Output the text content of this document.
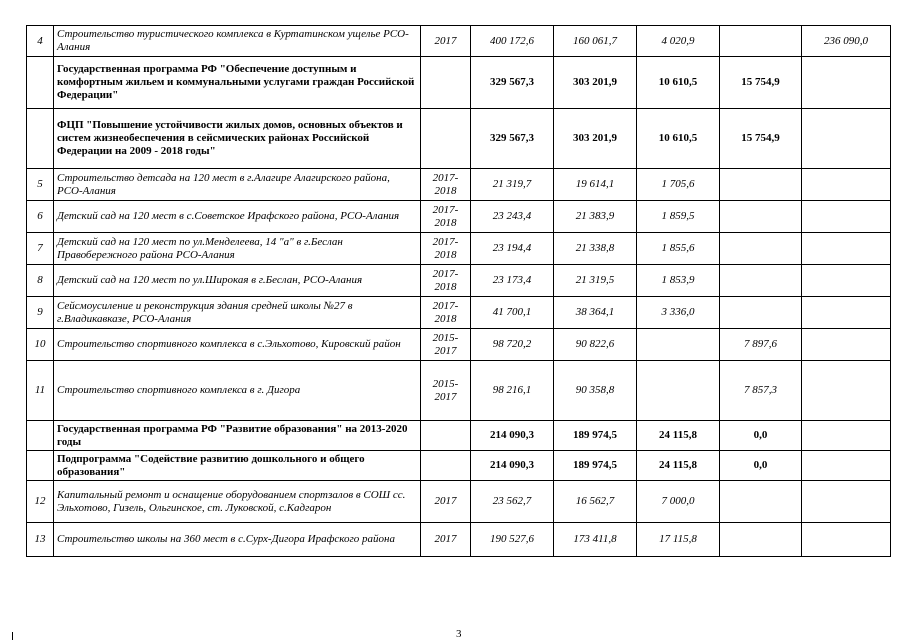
4	Строительство туристического комплекса в Куртатинском ущелье РСО-Алания	2017	400 172,6	160 061,7	4 020,9		236 090,0
	Государственная программа РФ "Обеспечение доступным и комфортным жильем и коммунальными услугами граждан Российской Федерации"		329 567,3	303 201,9	10 610,5	15 754,9	
	ФЦП "Повышение устойчивости жилых домов, основных объектов и систем жизнеобеспечения в сейсмических районах Российской Федерации на 2009 - 2018 годы"		329 567,3	303 201,9	10 610,5	15 754,9	
5	Строительство детсада на 120 мест в г.Алагире Алагирского района, РСО-Алания	2017-2018	21 319,7	19 614,1	1 705,6		
6	Детский сад на 120 мест в с.Советское Ирафского района, РСО-Алания	2017-2018	23 243,4	21 383,9	1 859,5		
7	Детский сад на 120 мест по ул.Менделеева, 14 "а" в г.Беслан Правобережного района РСО-Алания	2017-2018	23 194,4	21 338,8	1 855,6		
8	Детский сад на 120 мест по ул.Широкая в г.Беслан, РСО-Алания	2017-2018	23 173,4	21 319,5	1 853,9		
9	Сейсмоусиление и реконструкция здания средней школы №27 в г.Владикавказе, РСО-Алания	2017-2018	41 700,1	38 364,1	3 336,0		
10	Строительство спортивного комплекса в с.Эльхотово, Кировский район	2015-2017	98 720,2	90 822,6		7 897,6	
11	Строительство спортивного комплекса в г. Дигора	2015-2017	98 216,1	90 358,8		7 857,3	
	Государственная программа РФ "Развитие образования" на 2013-2020 годы		214 090,3	189 974,5	24 115,8	0,0	
	Подпрограмма "Содействие развитию дошкольного и общего образования"		214 090,3	189 974,5	24 115,8	0,0	
12	Капитальный ремонт и оснащение оборудованием спортзалов в СОШ сс. Эльхотово, Гизель, Ольгинское, ст. Луковской, с.Кадгарон	2017	23 562,7	16 562,7	7 000,0		
13	Строительство школы на 360 мест в с.Сурх-Дигора Ирафского района	2017	190 527,6	173 411,8	17 115,8		
3
